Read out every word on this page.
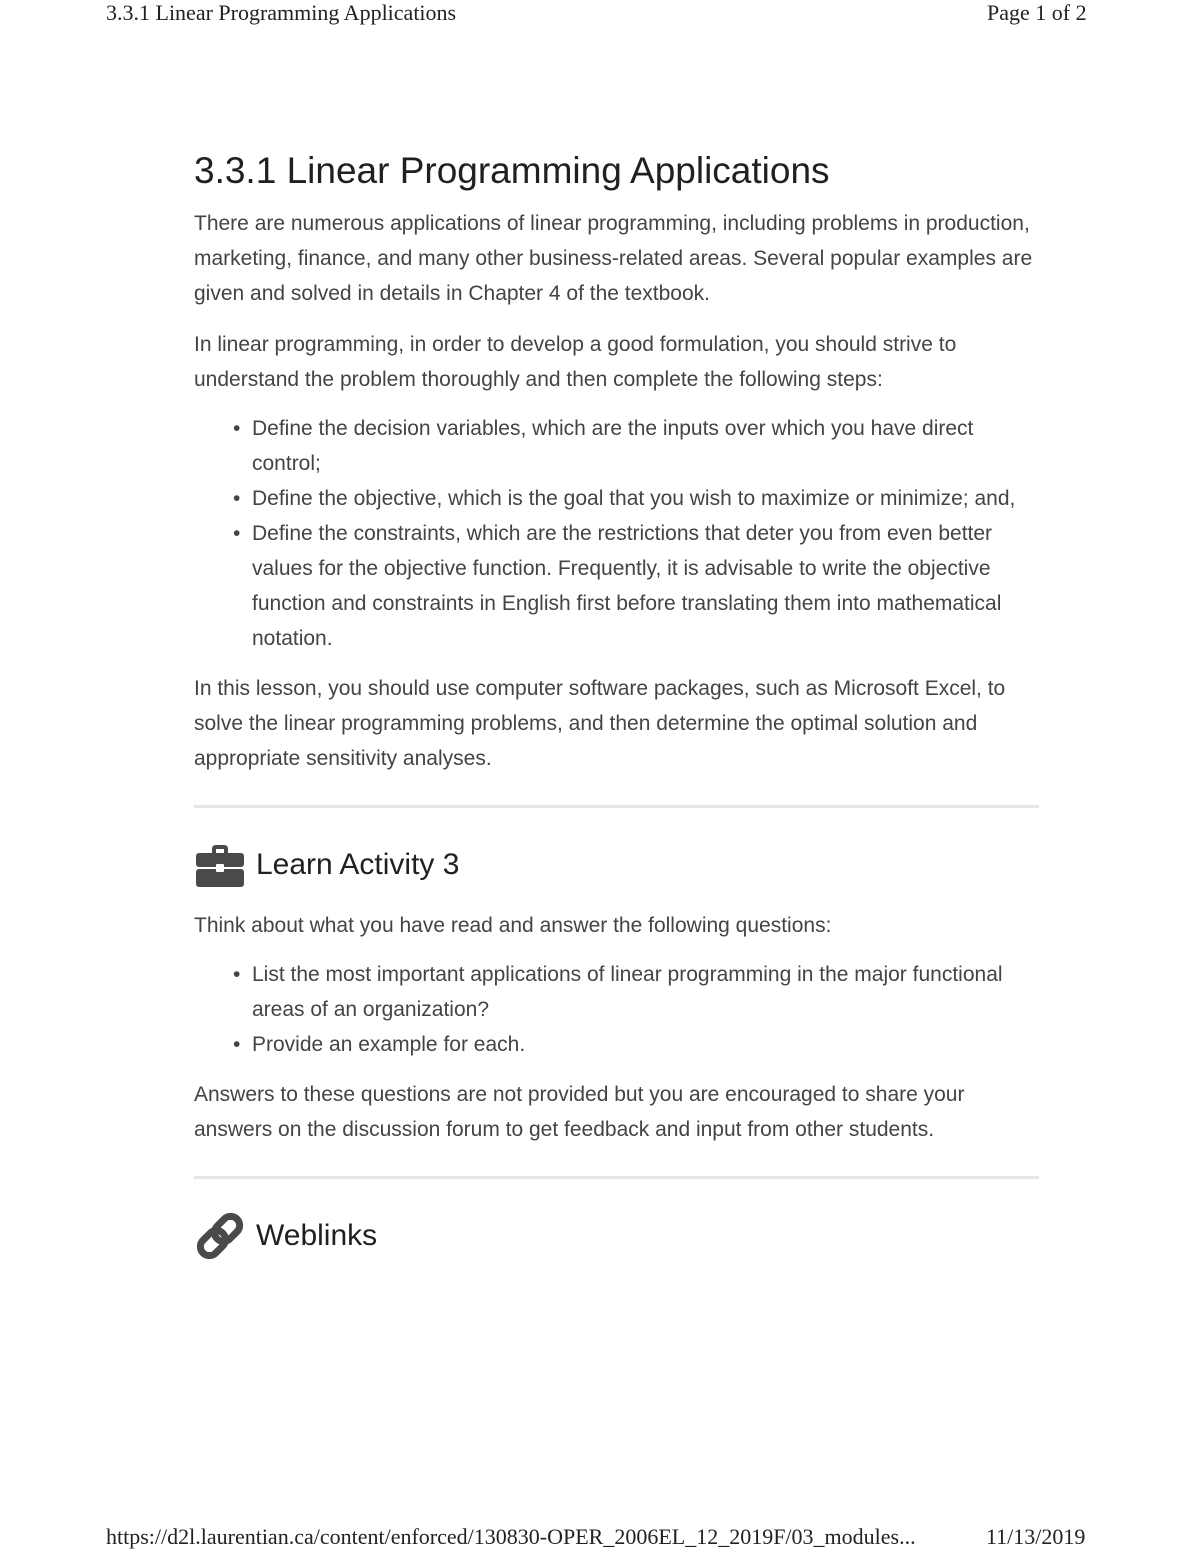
3.3.1 Linear Programming Applications	Page 1 of 2
3.3.1 Linear Programming Applications

There are numerous applications of linear programming, including problems in production, marketing, finance, and many other business-related areas. Several popular examples are given and solved in details in Chapter 4 of the textbook.

In linear programming, in order to develop a good formulation, you should strive to understand the problem thoroughly and then complete the following steps:

• Define the decision variables, which are the inputs over which you have direct control;
• Define the objective, which is the goal that you wish to maximize or minimize; and,
• Define the constraints, which are the restrictions that deter you from even better values for the objective function. Frequently, it is advisable to write the objective function and constraints in English first before translating them into mathematical notation.

In this lesson, you should use computer software packages, such as Microsoft Excel, to solve the linear programming problems, and then determine the optimal solution and appropriate sensitivity analyses.

Learn Activity 3

Think about what you have read and answer the following questions:

• List the most important applications of linear programming in the major functional areas of an organization?
• Provide an example for each.

Answers to these questions are not provided but you are encouraged to share your answers on the discussion forum to get feedback and input from other students.

Weblinks
https://d2l.laurentian.ca/content/enforced/130830-OPER_2006EL_12_2019F/03_modules...	11/13/2019
